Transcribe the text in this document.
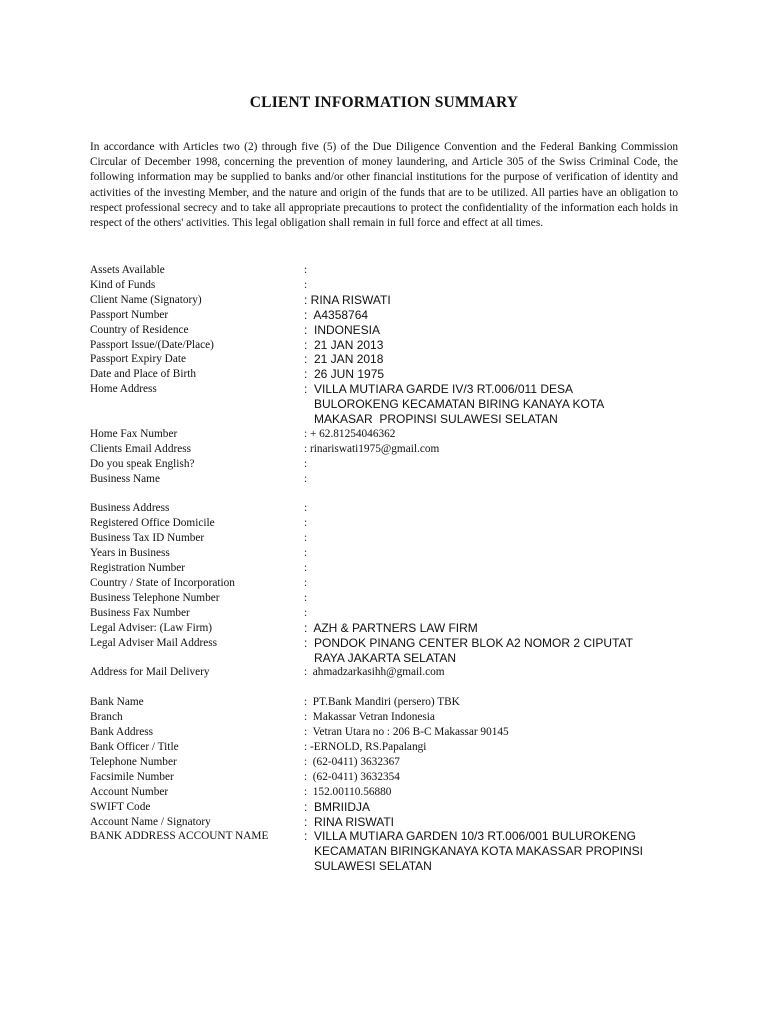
CLIENT INFORMATION SUMMARY
In accordance with Articles two (2) through five (5) of the Due Diligence Convention and the Federal Banking Commission Circular of December 1998, concerning the prevention of money laundering, and Article 305 of the Swiss Criminal Code, the following information may be supplied to banks and/or other financial institutions for the purpose of verification of identity and activities of the investing Member, and the nature and origin of the funds that are to be utilized. All parties have an obligation to respect professional secrecy and to take all appropriate precautions to protect the confidentiality of the information each holds in respect of the others' activities. This legal obligation shall remain in full force and effect at all times.
Assets Available	:
Kind of Funds	:
Client Name (Signatory)	: RINA RISWATI
Passport Number	:  A4358764
Country of Residence	:  INDONESIA
Passport Issue/(Date/Place)	:  21 JAN 2013
Passport Expiry Date	:  21 JAN 2018
Date and Place of Birth	:  26 JUN 1975
Home Address	:  VILLA MUTIARA GARDE IV/3 RT.006/011 DESA
BULOROKENG KECAMATAN BIRING KANAYA KOTA
MAKASAR  PROPINSI SULAWESI SELATAN
Home Fax Number	: + 62.81254046362
Clients Email Address	: rinariswati1975@gmail.com
Do you speak English?	:
Business Name	:
Business Address	:
Registered Office Domicile	:
Business Tax ID Number	:
Years in Business	:
Registration Number	:
Country / State of Incorporation	:
Business Telephone Number	:
Business Fax Number	:
Legal Adviser: (Law Firm)	:  AZH & PARTNERS LAW FIRM
Legal Adviser Mail Address	:  PONDOK PINANG CENTER BLOK A2 NOMOR 2 CIPUTAT
RAYA JAKARTA SELATAN
Address for Mail Delivery	:  ahmadzarkasihh@gmail.com
Bank Name	:  PT.Bank Mandiri (persero) TBK
Branch	:  Makassar Vetran Indonesia
Bank Address	:  Vetran Utara no : 206 B-C Makassar 90145
Bank Officer / Title	: -ERNOLD, RS.Papalangi
Telephone Number	:  (62-0411) 3632367
Facsimile Number	:  (62-0411) 3632354
Account Number	:  152.00110.56880
SWIFT Code	:  BMRIIDJA
Account Name / Signatory	:  RINA RISWATI
BANK ADDRESS ACCOUNT NAME	:  VILLA MUTIARA GARDEN 10/3 RT.006/001 BULUROKENG
KECAMATAN BIRINGKANAYA KOTA MAKASSAR PROPINSI
SULAWESI SELATAN
